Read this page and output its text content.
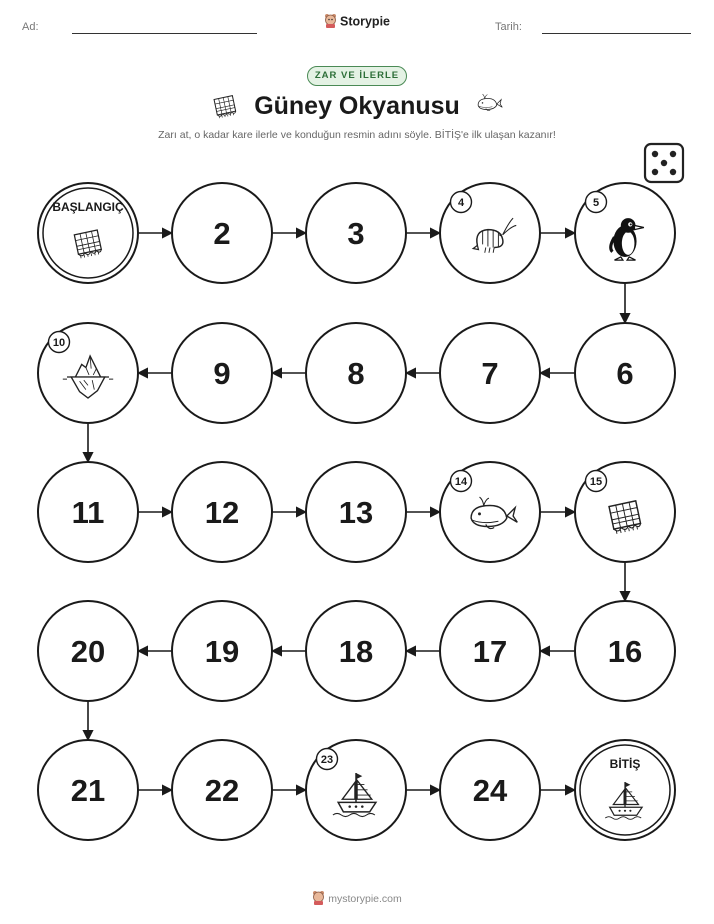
Ad:	Storypie	Tarih:
ZAR VE İLERLE
Güney Okyanusu
Zarı at, o kadar kare ilerle ve konduğun resmin adını söyle. BİTİŞ'e ilk ulaşan kazanır!
BAŞLANGIÇ
2	3
4	5
6
7
8
9
10
11	12	13
14	15
16
17
18
19
20
21	22
23
24
BİTİŞ
mystorypie.com
